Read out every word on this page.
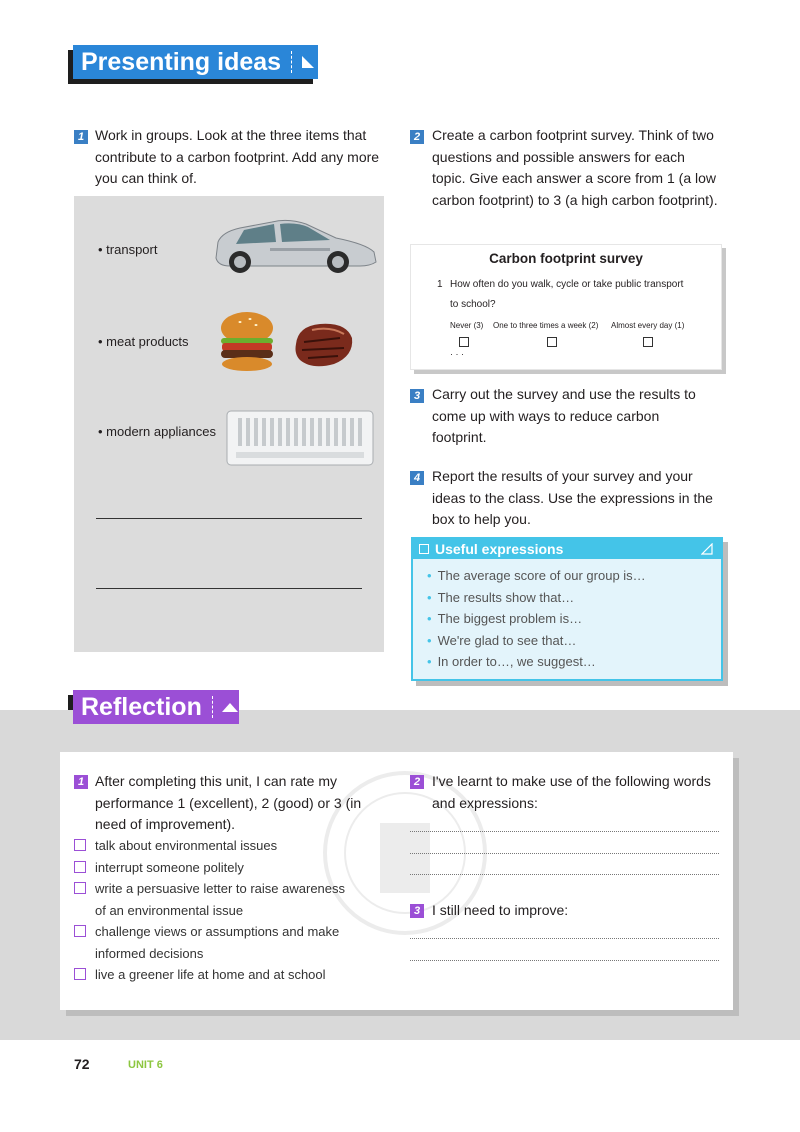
Presenting ideas
1 Work in groups. Look at the three items that contribute to a carbon footprint. Add any more you can think of.
• transport
• meat products
• modern appliances
2 Create a carbon footprint survey. Think of two questions and possible answers for each topic. Give each answer a score from 1 (a low carbon footprint) to 3 (a high carbon footprint).
Carbon footprint survey
1 How often do you walk, cycle or take public transport to school?
Never (3) One to three times a week (2) Almost every day (1)
· · ·
3 Carry out the survey and use the results to come up with ways to reduce carbon footprint.
4 Report the results of your survey and your ideas to the class. Use the expressions in the box to help you.
Useful expressions
• The average score of our group is…
• The results show that…
• The biggest problem is…
• We're glad to see that…
• In order to…, we suggest…
Reflection
1 After completing this unit, I can rate my performance 1 (excellent), 2 (good) or 3 (in need of improvement).
talk about environmental issues
interrupt someone politely
write a persuasive letter to raise awareness
of an environmental issue
challenge views or assumptions and make
informed decisions
live a greener life at home and at school
2 I've learnt to make use of the following words and expressions:
3 I still need to improve:
72	UNIT 6
